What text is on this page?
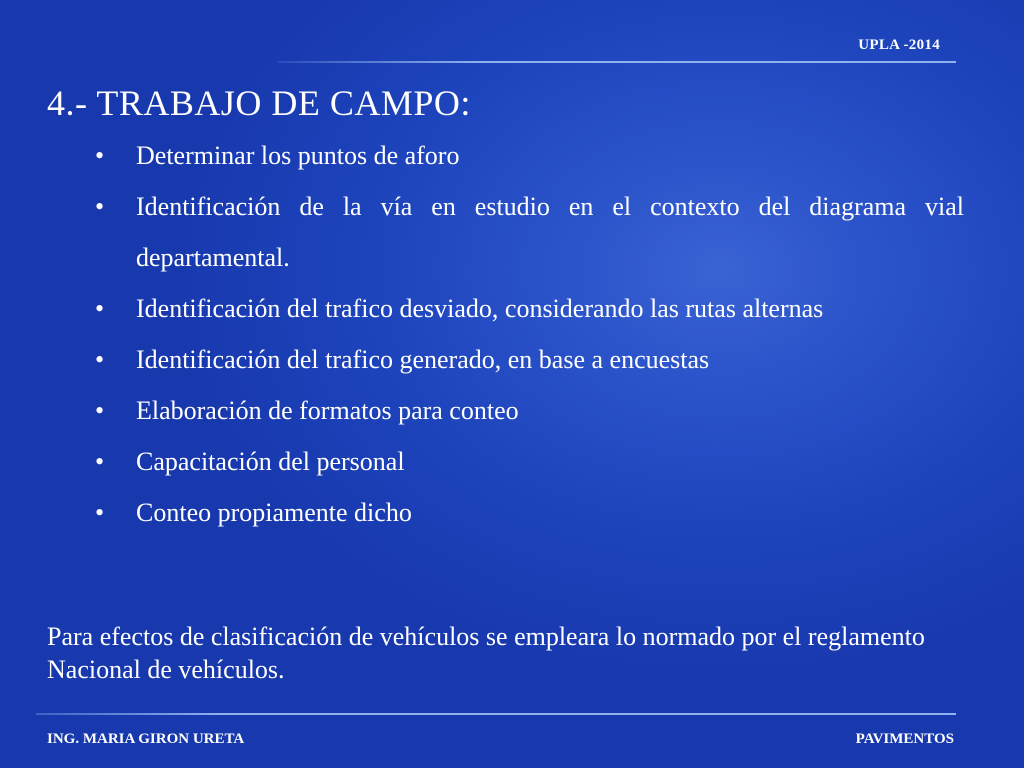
UPLA -2014
4.- TRABAJO DE CAMPO:
• Determinar los puntos de aforo
• Identificación de la vía en estudio en el contexto del diagrama vial departamental.
• Identificación del trafico desviado, considerando las rutas alternas
• Identificación del trafico generado, en base a encuestas
• Elaboración de formatos para conteo
• Capacitación del personal
• Conteo propiamente dicho

Para efectos de clasificación de vehículos se empleara lo normado por el reglamento Nacional de vehículos.

ING. MARIA GIRON URETA	PAVIMENTOS
